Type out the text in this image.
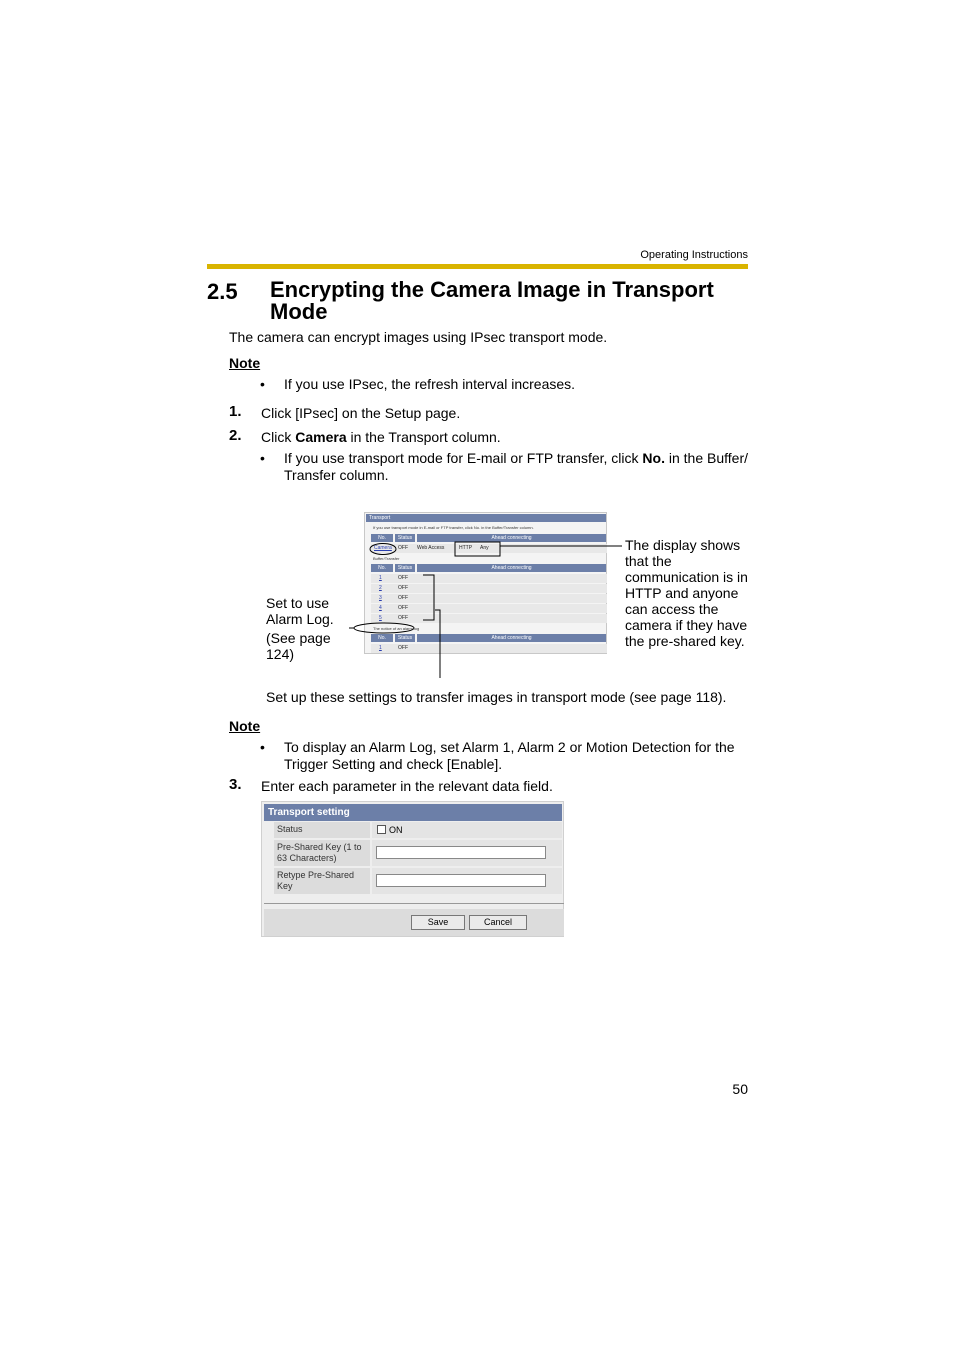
Operating Instructions
2.5 Encrypting the Camera Image in Transport Mode
The camera can encrypt images using IPsec transport mode.
Note
• If you use IPsec, the refresh interval increases.
1. Click [IPsec] on the Setup page.
2. Click Camera in the Transport column.
• If you use transport mode for E-mail or FTP transfer, click No. in the Buffer/ Transfer column.
Set to use Alarm Log.
(See page 124)
The display shows that the communication is in HTTP and anyone can access the camera if they have the pre-shared key.
Transport
If you use transport mode in E-mail or FTP transfer, click No. in the Buffer/Transfer column.
No.	Status	Ahead connecting
Camera OFF Web Access	HTTP Any
Buffer/Transfer
No.	Status	Ahead connecting
1	OFF
2	OFF
3	OFF
4	OFF
5	OFF
The notice of an alarm log
No.	Status	Ahead connecting
1	OFF
Set up these settings to transfer images in transport mode (see page 118).
Note
• To display an Alarm Log, set Alarm 1, Alarm 2 or Motion Detection for the Trigger Setting and check [Enable].
3. Enter each parameter in the relevant data field.
Transport setting
Status	ON
Pre-Shared Key (1 to 63 Characters)
Retype Pre-Shared Key
Save	Cancel
50
